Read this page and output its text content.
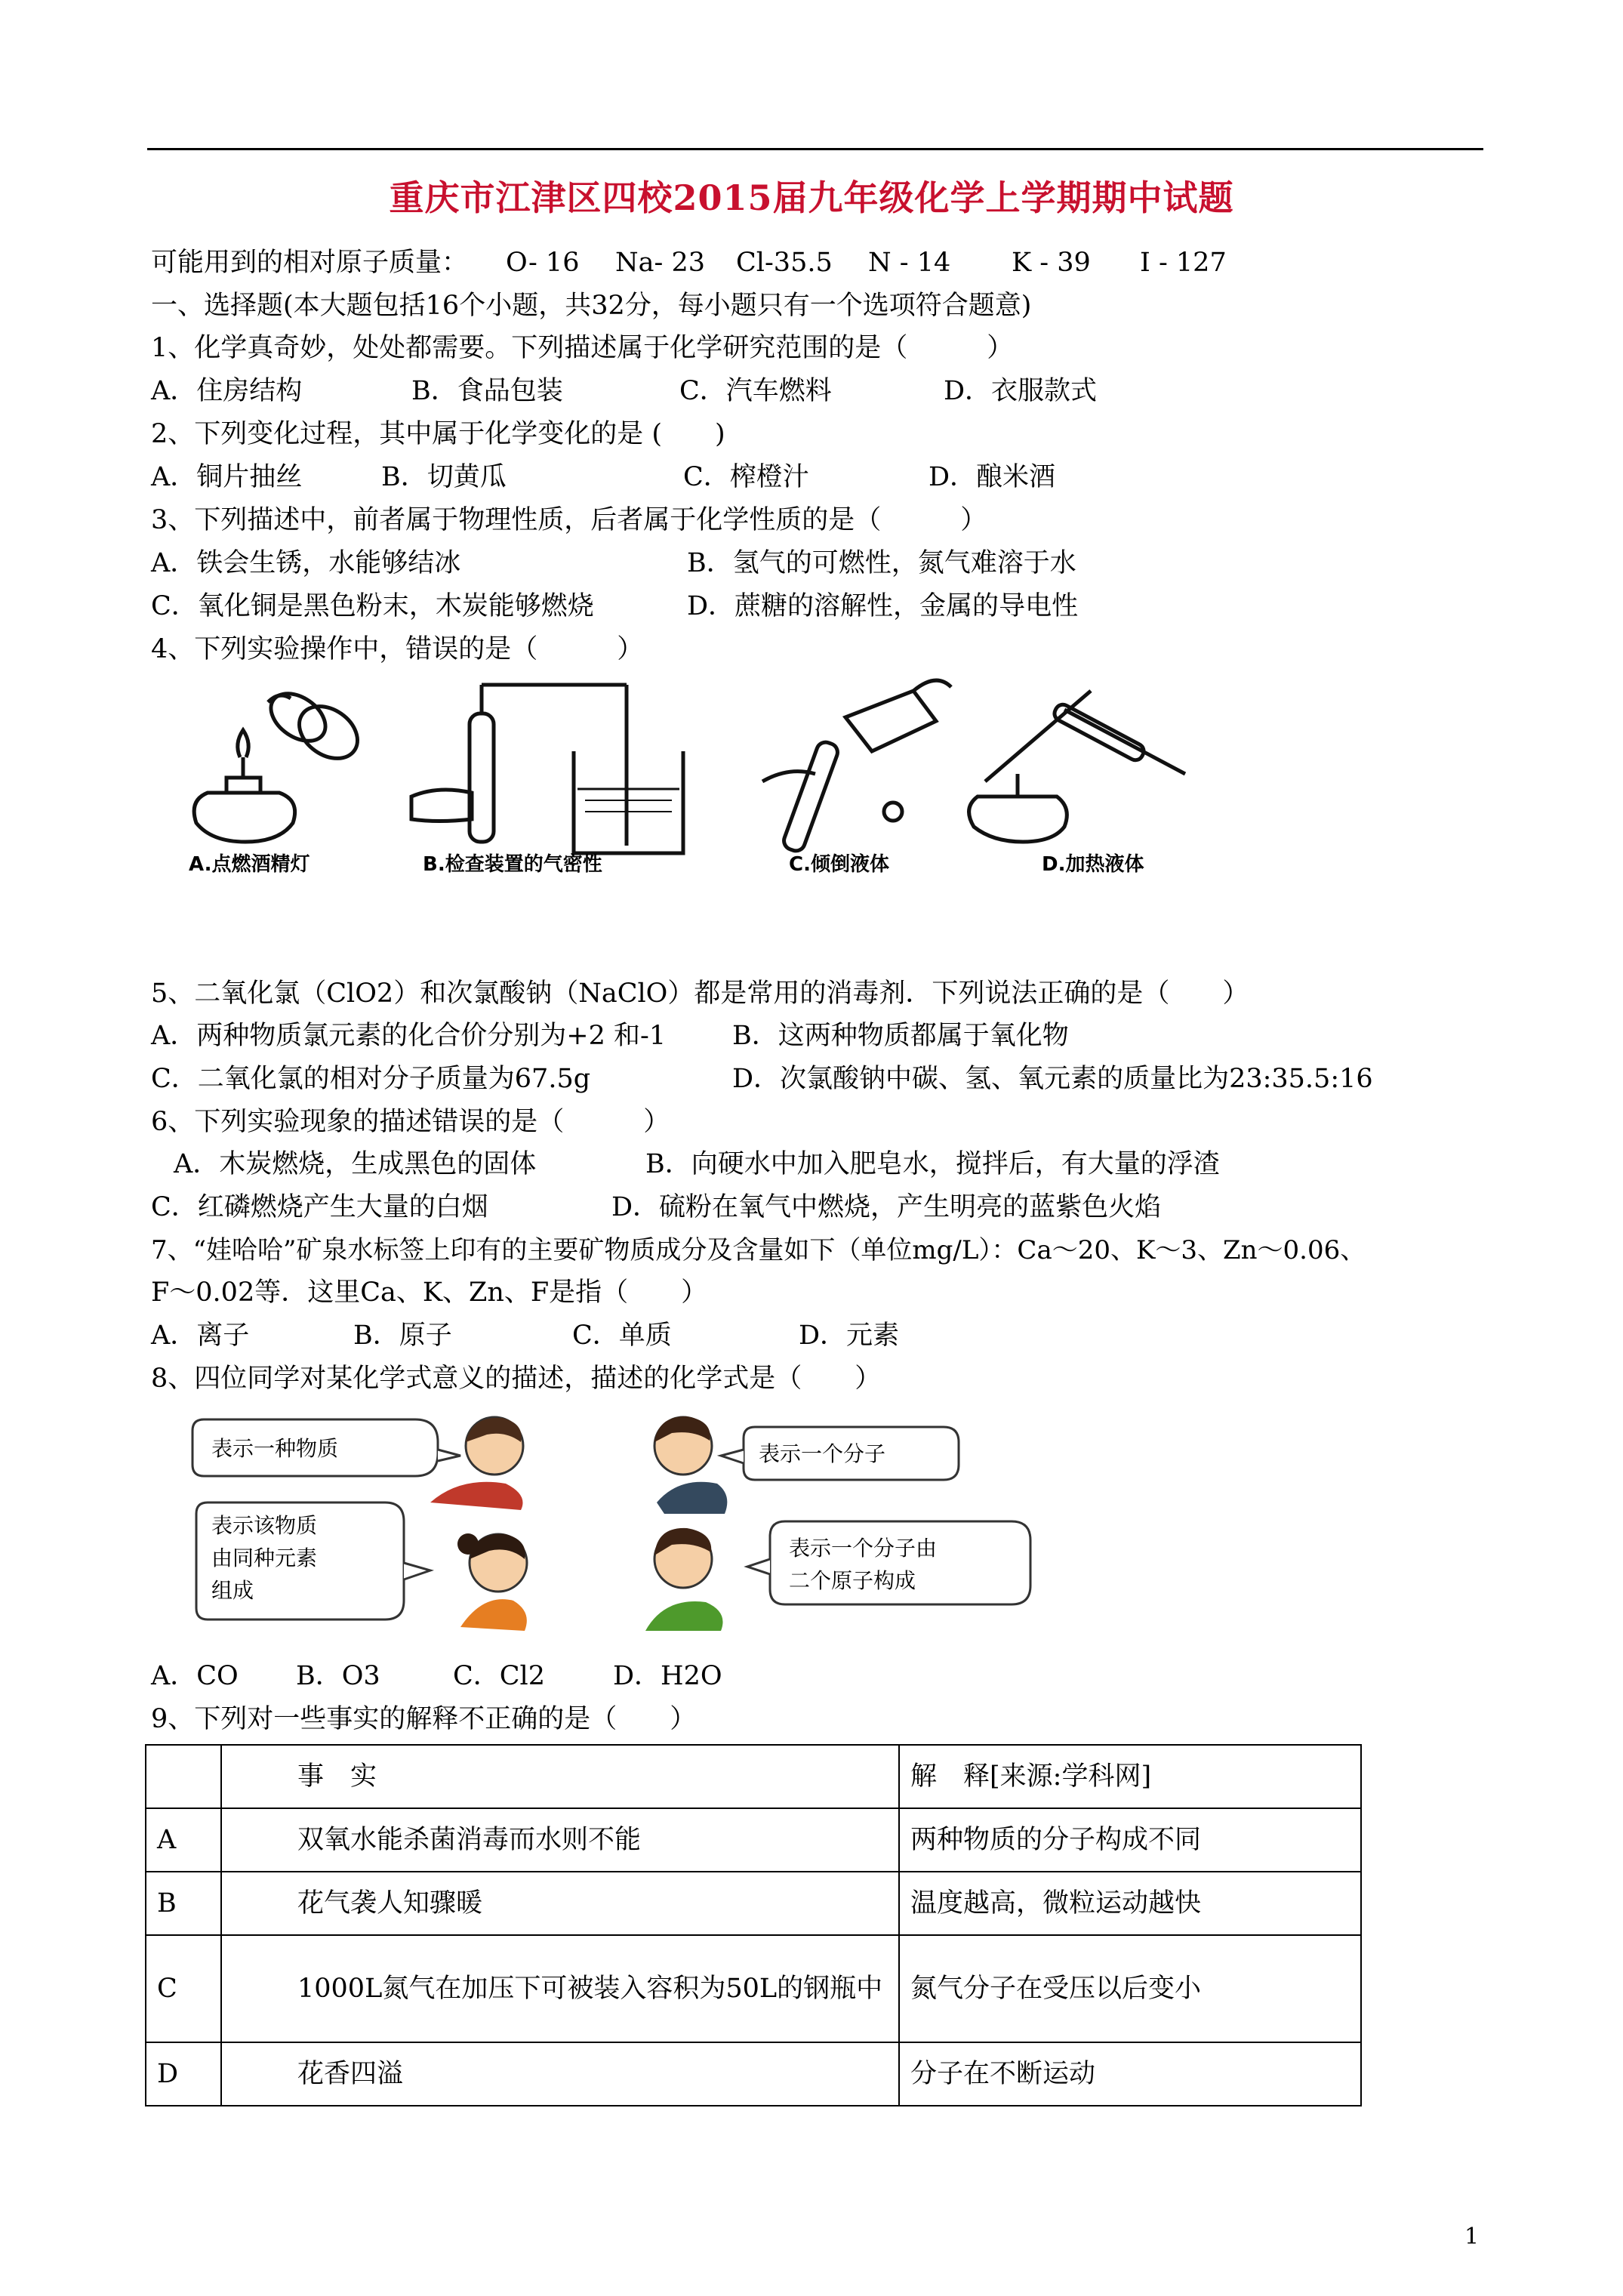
重庆市江津区四校2015届九年级化学上学期期中试题
可能用到的相对原子质量：	O- 16	Na- 23	Cl-35.5	N - 14	K - 39	I - 127
一、选择题(本大题包括16个小题，共32分，每小题只有一个选项符合题意)
1、化学真奇妙，处处都需要。下列描述属于化学研究范围的是（　　　）
A．住房结构	B．食品包装	C．汽车燃料	D．衣服款式
2、下列变化过程，其中属于化学变化的是 (　　)
A．铜片抽丝	B．切黄瓜	C．榨橙汁	D．酿米酒
3、下列描述中，前者属于物理性质，后者属于化学性质的是（　　　）
A．铁会生锈，水能够结冰	B．氢气的可燃性，氮气难溶于水
C．氧化铜是黑色粉末，木炭能够燃烧	D．蔗糖的溶解性，金属的导电性
4、下列实验操作中，错误的是（　　　）
A.点燃酒精灯	B.检查装置的气密性	C.倾倒液体	D.加热液体
5、二氧化氯（ClO2）和次氯酸钠（NaClO）都是常用的消毒剂．下列说法正确的是（　　）
A．两种物质氯元素的化合价分别为+2 和-1	B．这两种物质都属于氧化物
C．二氧化氯的相对分子质量为67.5g	D．次氯酸钠中碳、氢、氧元素的质量比为23:35.5:16
6、下列实验现象的描述错误的是（　　　）
A．木炭燃烧，生成黑色的固体	B．向硬水中加入肥皂水，搅拌后，有大量的浮渣
C．红磷燃烧产生大量的白烟	D．硫粉在氧气中燃烧，产生明亮的蓝紫色火焰
7、“娃哈哈”矿泉水标签上印有的主要矿物质成分及含量如下（单位mg/L）：Ca～20、K～3、Zn～0.06、
F～0.02等．这里Ca、K、Zn、F是指（　　）
A．离子	B．原子	C．单质	D．元素
8、四位同学对某化学式意义的描述，描述的化学式是（　　）
表示一种物质
表示该物质
由同种元素
组成
表示一个分子
表示一个分子由
二个原子构成
A．CO	B．O3	C．Cl2	D．H2O
9、下列对一些事实的解释不正确的是（　　）
	事　实	解　释[来源:学科网]
A	双氧水能杀菌消毒而水则不能	两种物质的分子构成不同
B	花气袭人知骤暖	温度越高，微粒运动越快
C	1000L氮气在加压下可被装入容积为50L的钢瓶中	氮气分子在受压以后变小
D	花香四溢	分子在不断运动
1
